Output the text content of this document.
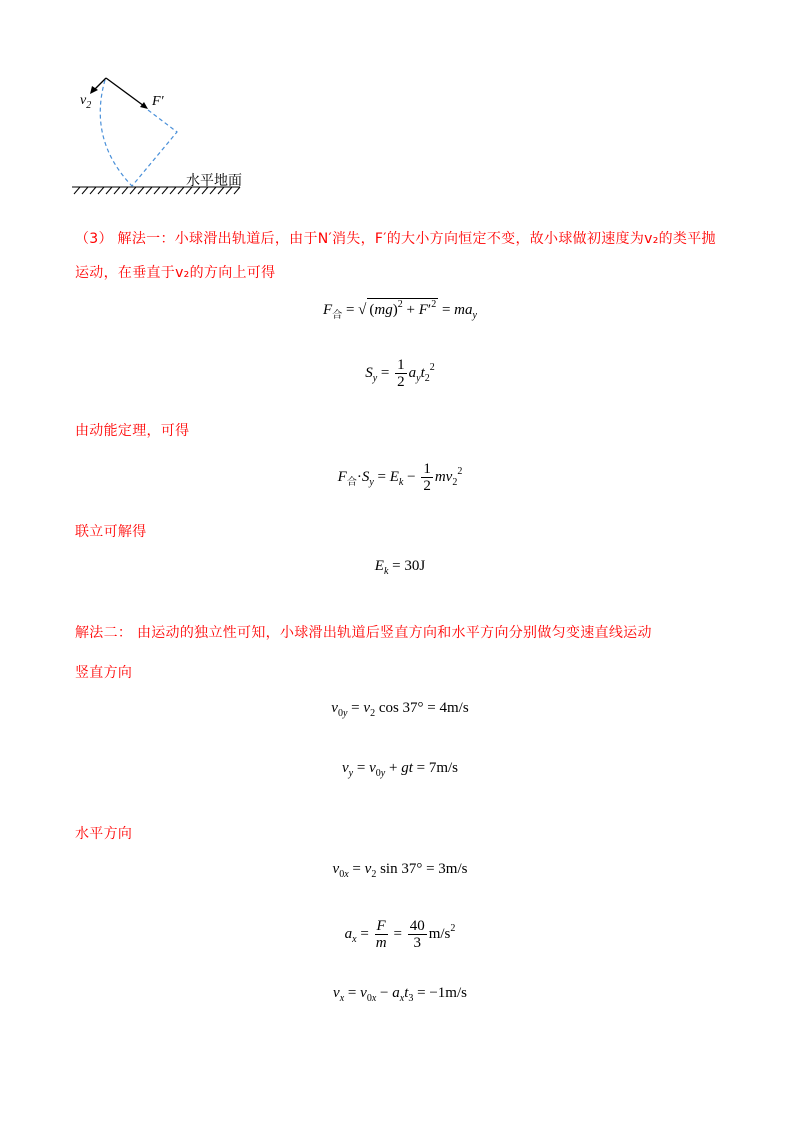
$v_2$	F′
水平地面
（3） 解法一：小球滑出轨道后，由于N′消失，F′的大小方向恒定不变，故小球做初速度为v₂的类平抛
运动，在垂直于v₂的方向上可得
$F_合$ = √ $(mg)^2 + F'^2 = ma_y$
$S_y = \frac{1}{2} a_yt_2^2$
由动能定理，可得
$F_合\cdot S_y = E_k - \frac{1}{2} mv_2^2$
联立可解得
$E_k = 30J$
解法二： 由运动的独立性可知，小球滑出轨道后竖直方向和水平方向分别做匀变速直线运动
竖直方向
$v_{0y} = v_2$ cos 37° = 4m/s
$v_y = v_{0y}$ + gt = 7m/s
水平方向
$v_{0x} = v_2$ sin 37° = 3m/s
$a_x = \frac{F}{m} = \frac{40}{3} m/s^2$
$v_x = v_{0x} - a_xt_3 = -1m/s$
